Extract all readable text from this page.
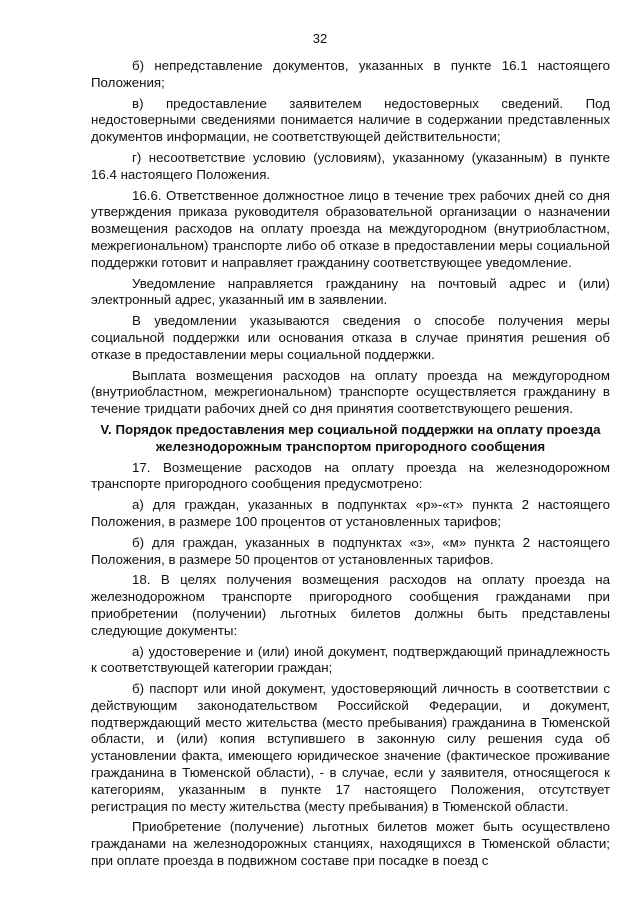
32

б) непредставление документов, указанных в пункте 16.1 настоящего Положения;

в) предоставление заявителем недостоверных сведений. Под недостоверными сведениями понимается наличие в содержании представленных документов информации, не соответствующей действительности;

г) несоответствие условию (условиям), указанному (указанным) в пункте 16.4 настоящего Положения.

16.6. Ответственное должностное лицо в течение трех рабочих дней со дня утверждения приказа руководителя образовательной организации о назначении возмещения расходов на оплату проезда на междугородном (внутриобластном, межрегиональном) транспорте либо об отказе в предоставлении меры социальной поддержки готовит и направляет гражданину соответствующее уведомление.

Уведомление направляется гражданину на почтовый адрес и (или) электронный адрес, указанный им в заявлении.

В уведомлении указываются сведения о способе получения меры социальной поддержки или основания отказа в случае принятия решения об отказе в предоставлении меры социальной поддержки.

Выплата возмещения расходов на оплату проезда на междугородном (внутриобластном, межрегиональном) транспорте осуществляется гражданину в течение тридцати рабочих дней со дня принятия соответствующего решения.

V. Порядок предоставления мер социальной поддержки на оплату проезда железнодорожным транспортом пригородного сообщения

17. Возмещение расходов на оплату проезда на железнодорожном транспорте пригородного сообщения предусмотрено:

а) для граждан, указанных в подпунктах «р»-«т» пункта 2 настоящего Положения, в размере 100 процентов от установленных тарифов;

б) для граждан, указанных в подпунктах «з», «м» пункта 2 настоящего Положения, в размере 50 процентов от установленных тарифов.

18. В целях получения возмещения расходов на оплату проезда на железнодорожном транспорте пригородного сообщения гражданами при приобретении (получении) льготных билетов должны быть представлены следующие документы:

а) удостоверение и (или) иной документ, подтверждающий принадлежность к соответствующей категории граждан;

б) паспорт или иной документ, удостоверяющий личность в соответствии с действующим законодательством Российской Федерации, и документ, подтверждающий место жительства (место пребывания) гражданина в Тюменской области, и (или) копия вступившего в законную силу решения суда об установлении факта, имеющего юридическое значение (фактическое проживание гражданина в Тюменской области), - в случае, если у заявителя, относящегося к категориям, указанным в пункте 17 настоящего Положения, отсутствует регистрация по месту жительства (месту пребывания) в Тюменской области.

Приобретение (получение) льготных билетов может быть осуществлено гражданами на железнодорожных станциях, находящихся в Тюменской области; при оплате проезда в подвижном составе при посадке в поезд с
